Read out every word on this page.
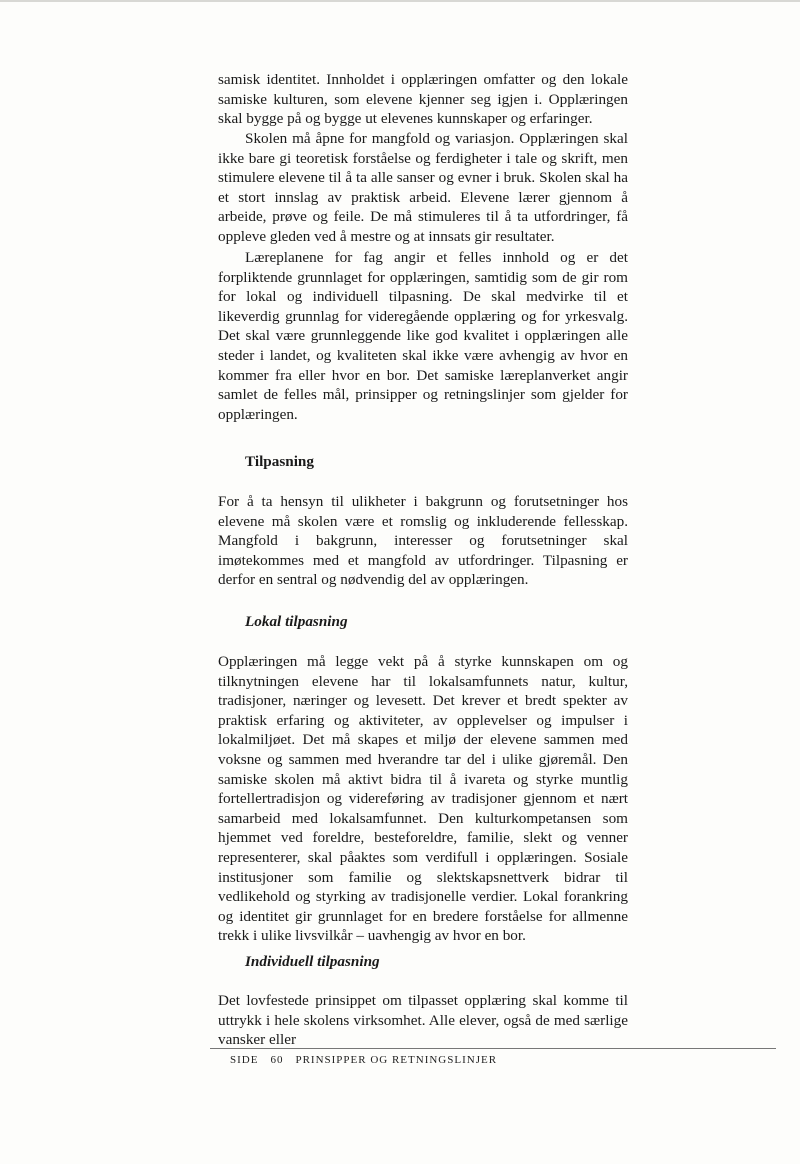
samisk identitet. Innholdet i opplæringen omfatter og den lokale samiske kulturen, som elevene kjenner seg igjen i. Opplæringen skal bygge på og bygge ut elevenes kunnskaper og erfaringer.

Skolen må åpne for mangfold og variasjon. Opplæringen skal ikke bare gi teoretisk forståelse og ferdigheter i tale og skrift, men stimulere elevene til å ta alle sanser og evner i bruk. Skolen skal ha et stort innslag av praktisk arbeid. Elevene lærer gjennom å arbeide, prøve og feile. De må stimuleres til å ta utfordringer, få oppleve gleden ved å mestre og at innsats gir resultater.

Læreplanene for fag angir et felles innhold og er det forpliktende grunnlaget for opplæringen, samtidig som de gir rom for lokal og individuell tilpasning. De skal medvirke til et likeverdig grunnlag for videregående opplæring og for yrkesvalg. Det skal være grunnleggende like god kvalitet i opplæringen alle steder i landet, og kvaliteten skal ikke være avhengig av hvor en kommer fra eller hvor en bor. Det samiske læreplanverket angir samlet de felles mål, prinsipper og retningslinjer som gjelder for opplæringen.

Tilpasning

For å ta hensyn til ulikheter i bakgrunn og forutsetninger hos elevene må skolen være et romslig og inkluderende fellesskap. Mangfold i bakgrunn, interesser og forutsetninger skal imøtekommes med et mangfold av utfordringer. Tilpasning er derfor en sentral og nødvendig del av opplæringen.

Lokal tilpasning

Opplæringen må legge vekt på å styrke kunnskapen om og tilknytningen elevene har til lokalsamfunnets natur, kultur, tradisjoner, næringer og levesett. Det krever et bredt spekter av praktisk erfaring og aktiviteter, av opplevelser og impulser i lokalmiljøet. Det må skapes et miljø der elevene sammen med voksne og sammen med hverandre tar del i ulike gjøremål. Den samiske skolen må aktivt bidra til å ivareta og styrke muntlig fortellertradisjon og videreføring av tradisjoner gjennom et nært samarbeid med lokalsamfunnet. Den kulturkompetansen som hjemmet ved foreldre, besteforeldre, familie, slekt og venner representerer, skal påaktes som verdifull i opplæringen. Sosiale institusjoner som familie og slektskapsnettverk bidrar til vedlikehold og styrking av tradisjonelle verdier. Lokal forankring og identitet gir grunnlaget for en bredere forståelse for allmenne trekk i ulike livsvilkår – uavhengig av hvor en bor.

Individuell tilpasning

Det lovfestede prinsippet om tilpasset opplæring skal komme til uttrykk i hele skolens virksomhet. Alle elever, også de med særlige vansker eller

SIDE 60 PRINSIPPER OG RETNINGSLINJER
